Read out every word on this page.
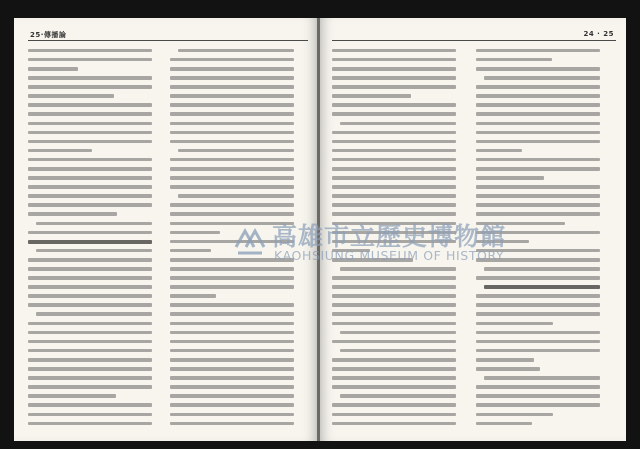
25·傳播論	24 · 25
高雄市立歷史博物館
KAOHSIUNG MUSEUM OF HISTORY
